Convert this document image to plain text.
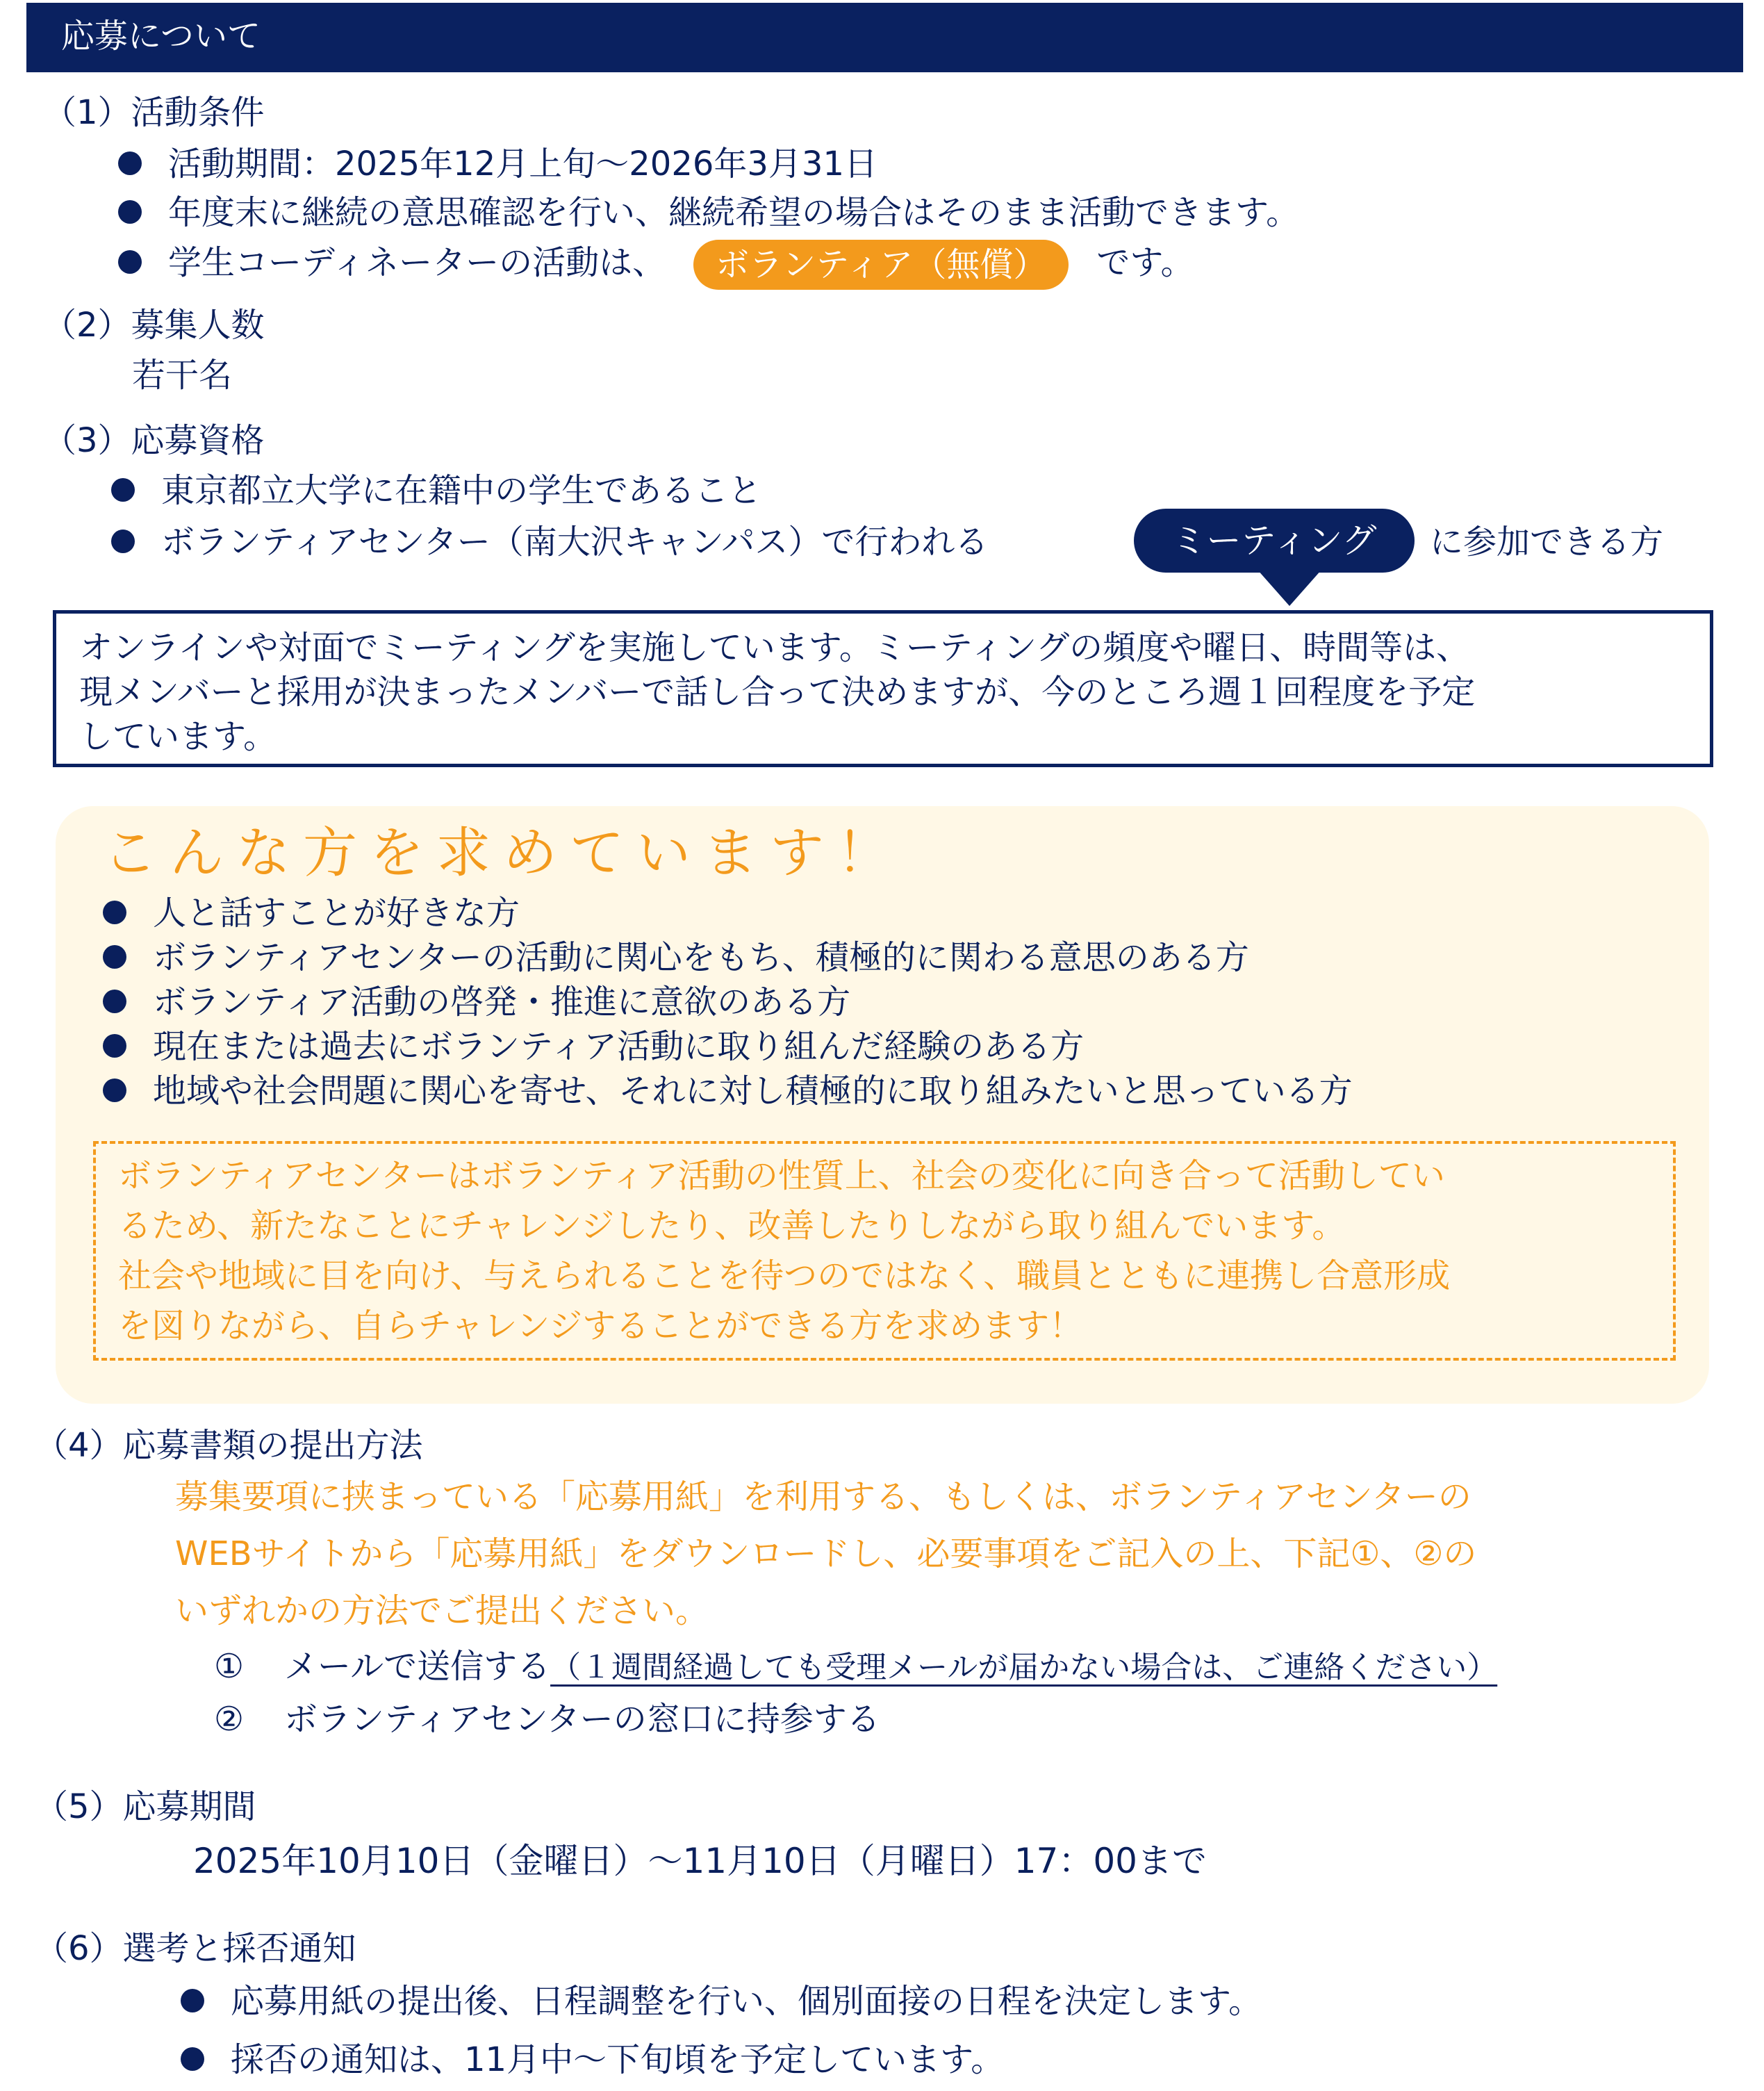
応募について
（1）活動条件
活動期間：2025年12月上旬～2026年3月31日
年度末に継続の意思確認を行い、継続希望の場合はそのまま活動できます。
学生コーディネーターの活動は、 ボランティア（無償） です。
（2）募集人数
若干名
（3）応募資格
東京都立大学に在籍中の学生であること
ボランティアセンター（南大沢キャンパス）で行われる	ミーティング	に参加できる方
オンラインや対面でミーティングを実施しています。ミーティングの頻度や曜日、時間等は、
現メンバーと採用が決まったメンバーで話し合って決めますが、今のところ週１回程度を予定
しています。
こんな方を求めています！
人と話すことが好きな方
ボランティアセンターの活動に関心をもち、積極的に関わる意思のある方
ボランティア活動の啓発・推進に意欲のある方
現在または過去にボランティア活動に取り組んだ経験のある方
地域や社会問題に関心を寄せ、それに対し積極的に取り組みたいと思っている方
ボランティアセンターはボランティア活動の性質上、社会の変化に向き合って活動してい
るため、新たなことにチャレンジしたり、改善したりしながら取り組んでいます。
社会や地域に目を向け、与えられることを待つのではなく、職員とともに連携し合意形成
を図りながら、自らチャレンジすることができる方を求めます！
（4）応募書類の提出方法
募集要項に挟まっている「応募用紙」を利用する、もしくは、ボランティアセンターの
WEBサイトから「応募用紙」をダウンロードし、必要事項をご記入の上、下記①、②の
いずれかの方法でご提出ください。
① メールで送信する（１週間経過しても受理メールが届かない場合は、ご連絡ください）
② ボランティアセンターの窓口に持参する
（5）応募期間
2025年10月10日（金曜日）～11月10日（月曜日）17：00まで
（6）選考と採否通知
応募用紙の提出後、日程調整を行い、個別面接の日程を決定します。
採否の通知は、11月中～下旬頃を予定しています。
